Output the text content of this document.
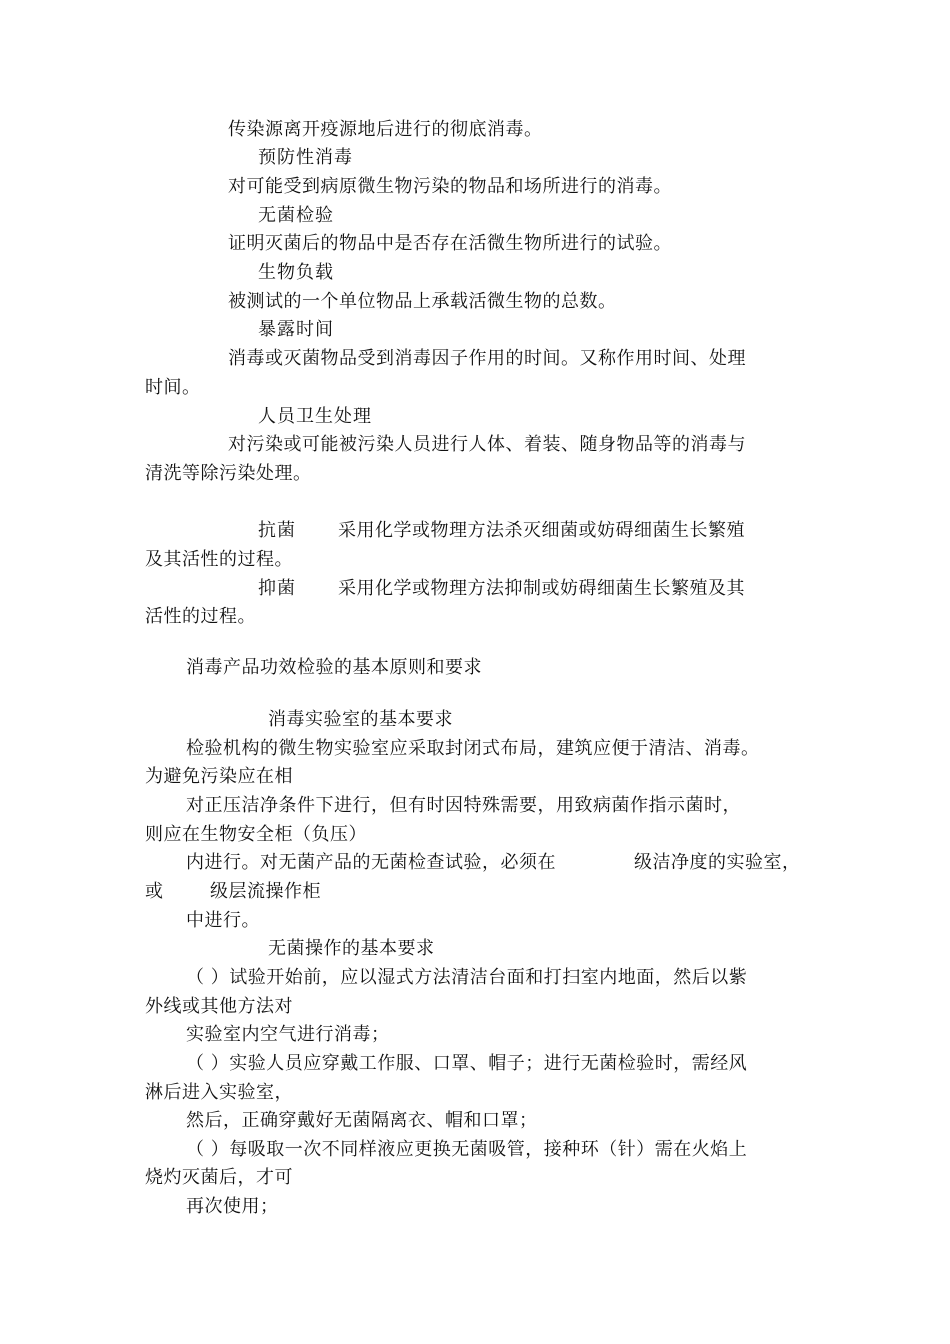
传染源离开疫源地后进行的彻底消毒。
预防性消毒
对可能受到病原微生物污染的物品和场所进行的消毒。
无菌检验
证明灭菌后的物品中是否存在活微生物所进行的试验。
生物负载
被测试的一个单位物品上承载活微生物的总数。
暴露时间
消毒或灭菌物品受到消毒因子作用的时间。又称作用时间、处理
时间。
人员卫生处理
对污染或可能被污染人员进行人体、着装、随身物品等的消毒与
清洗等除污染处理。
抗菌 采用化学或物理方法杀灭细菌或妨碍细菌生长繁殖
及其活性的过程。
抑菌 采用化学或物理方法抑制或妨碍细菌生长繁殖及其
活性的过程。
消毒产品功效检验的基本原则和要求
消毒实验室的基本要求
检验机构的微生物实验室应采取封闭式布局，建筑应便于清洁、消毒。
为避免污染应在相
对正压洁净条件下进行，但有时因特殊需要，用致病菌作指示菌时，
则应在生物安全柜（负压）
内进行。对无菌产品的无菌检查试验，必须在	级洁净度的实验室，
或	级层流操作柜
中进行。
无菌操作的基本要求
（ ）试验开始前，应以湿式方法清洁台面和打扫室内地面，然后以紫
外线或其他方法对
实验室内空气进行消毒；
（ ）实验人员应穿戴工作服、口罩、帽子；进行无菌检验时，需经风
淋后进入实验室，
然后，正确穿戴好无菌隔离衣、帽和口罩；
（ ）每吸取一次不同样液应更换无菌吸管，接种环（针）需在火焰上
烧灼灭菌后，才可
再次使用；
